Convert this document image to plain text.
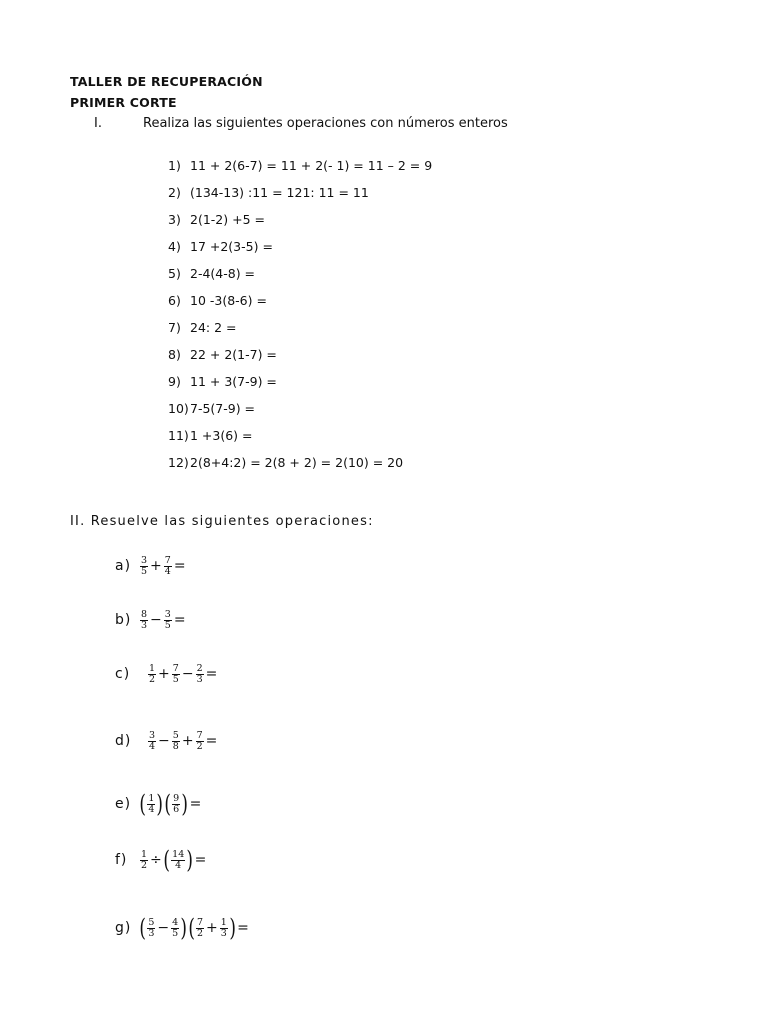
TALLER DE RECUPERACIÓN
PRIMER CORTE
I.	Realiza las siguientes operaciones con números enteros
1) 11 + 2(6-7) = 11 + 2(- 1) = 11 – 2 = 9
2) (134-13) :11 = 121: 11 = 11
3) 2(1-2) +5 =
4) 17 +2(3-5) =
5) 2-4(4-8) =
6) 10 -3(8-6) =
7) 24: 2 =
8) 22 + 2(1-7) =
9) 11 + 3(7-9) =
10) 7-5(7-9) =
11) 1 +3(6) =
12) 2(8+4:2) = 2(8 + 2) = 2(10) = 20
II. Resuelve las siguientes operaciones:
$a) \frac{3}{5} + \frac{7}{4}$ =
$b) \frac{8}{3} - \frac{3}{5}$ =
c)	$\frac{1}{2} + \frac{7}{5} - \frac{2}{3}$ =
d)	$\frac{3}{4} - \frac{5}{8} + \frac{7}{2}$ =
e) ( $\frac{1}{4}$ ) ( $\frac{9}{6}$ ) =
f)	$\frac{1}{2}$ ÷ ( $\frac{14}{4}$ ) =
g) ( $\frac{5}{3} - \frac{4}{5}$ ) ( $\frac{7}{2} + \frac{1}{3}$ ) =
